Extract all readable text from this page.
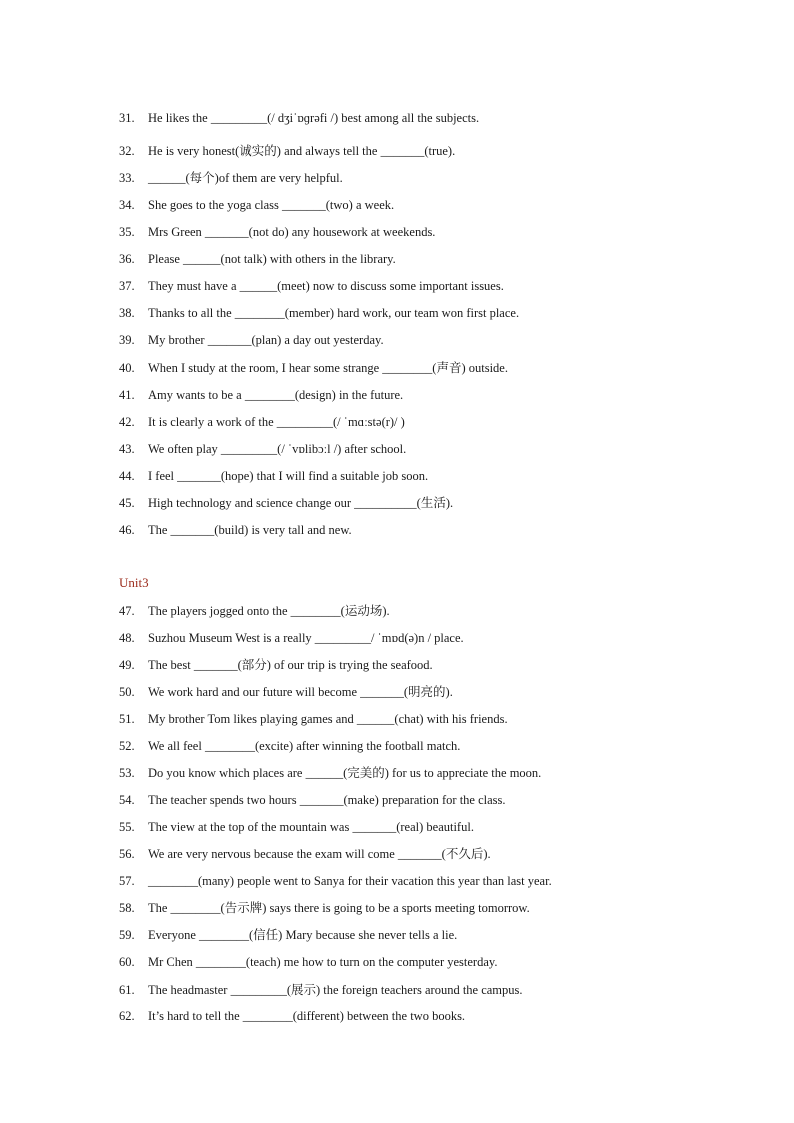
31. He likes the _________(/ dʒiˈɒɡrəfi /) best among all the subjects.
32. He is very honest(诚实的) and always tell the _______(true).
33. ______(每个)of them are very helpful.
34. She goes to the yoga class _______(two) a week.
35. Mrs Green _______(not do) any housework at weekends.
36. Please ______(not talk) with others in the library.
37. They must have a ______(meet) now to discuss some important issues.
38. Thanks to all the ________(member) hard work, our team won first place.
39. My brother _______(plan) a day out yesterday.
40. When I study at the room, I hear some strange ________(声音) outside.
41. Amy wants to be a ________(design) in the future.
42. It is clearly a work of the _________(/ ˈmɑːstə(r)/ )
43. We often play _________(/ ˈvɒlibɔːl /) after school.
44. I feel _______(hope) that I will find a suitable job soon.
45. High technology and science change our __________(生活).
46. The _______(build) is very tall and new.
Unit3
47. The players jogged onto the ________(运动场).
48. Suzhou Museum West is a really _________/ ˈmɒd(ə)n / place.
49. The best _______(部分) of our trip is trying the seafood.
50. We work hard and our future will become _______(明亮的).
51. My brother Tom likes playing games and ______(chat) with his friends.
52. We all feel ________(excite) after winning the football match.
53. Do you know which places are ______(完美的) for us to appreciate the moon.
54. The teacher spends two hours _______(make) preparation for the class.
55. The view at the top of the mountain was _______(real) beautiful.
56. We are very nervous because the exam will come _______(不久后).
57. ________(many) people went to Sanya for their vacation this year than last year.
58. The ________(告示牌) says there is going to be a sports meeting tomorrow.
59. Everyone ________(信任) Mary because she never tells a lie.
60. Mr Chen ________(teach) me how to turn on the computer yesterday.
61. The headmaster _________(展示) the foreign teachers around the campus.
62. It’s hard to tell the ________(different) between the two books.
